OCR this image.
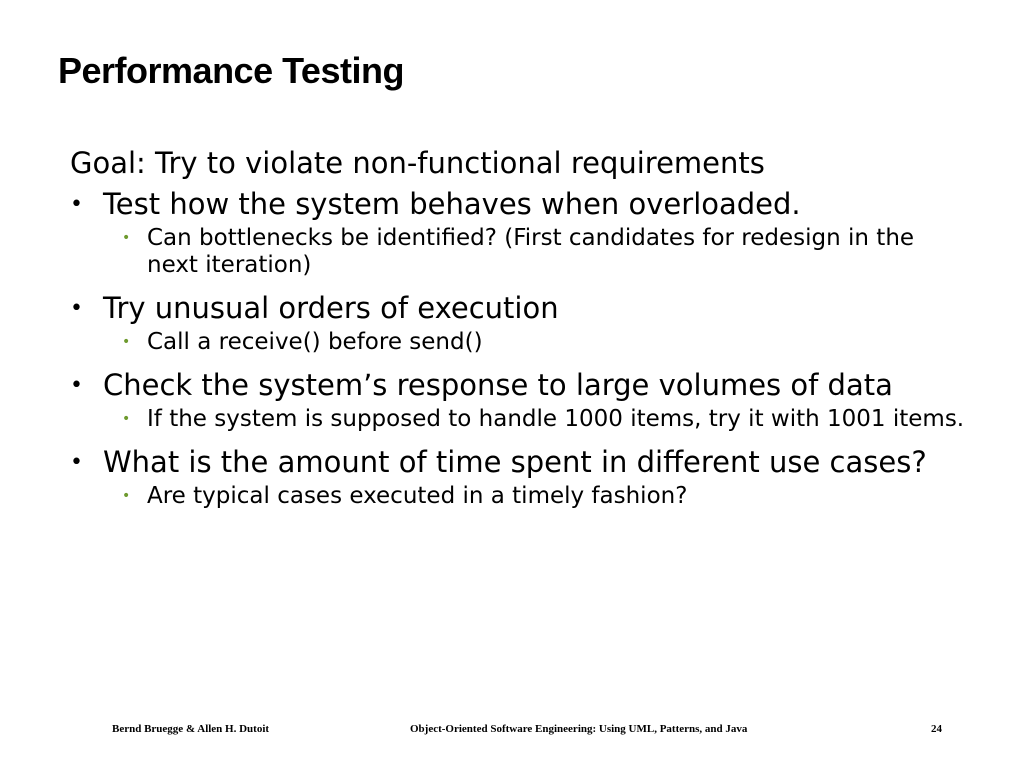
Performance Testing
Goal: Try to violate non-functional requirements
• Test how the system behaves when overloaded.
• Can bottlenecks be identified? (First candidates for redesign in the next iteration)
• Try unusual orders of execution
• Call a receive() before send()
• Check the system’s response to large volumes of data
• If the system is supposed to handle 1000 items, try it with 1001 items.
• What is the amount of time spent in different use cases?
• Are typical cases executed in a timely fashion?
Bernd Bruegge & Allen H. Dutoit	Object-Oriented Software Engineering: Using UML, Patterns, and Java	24
